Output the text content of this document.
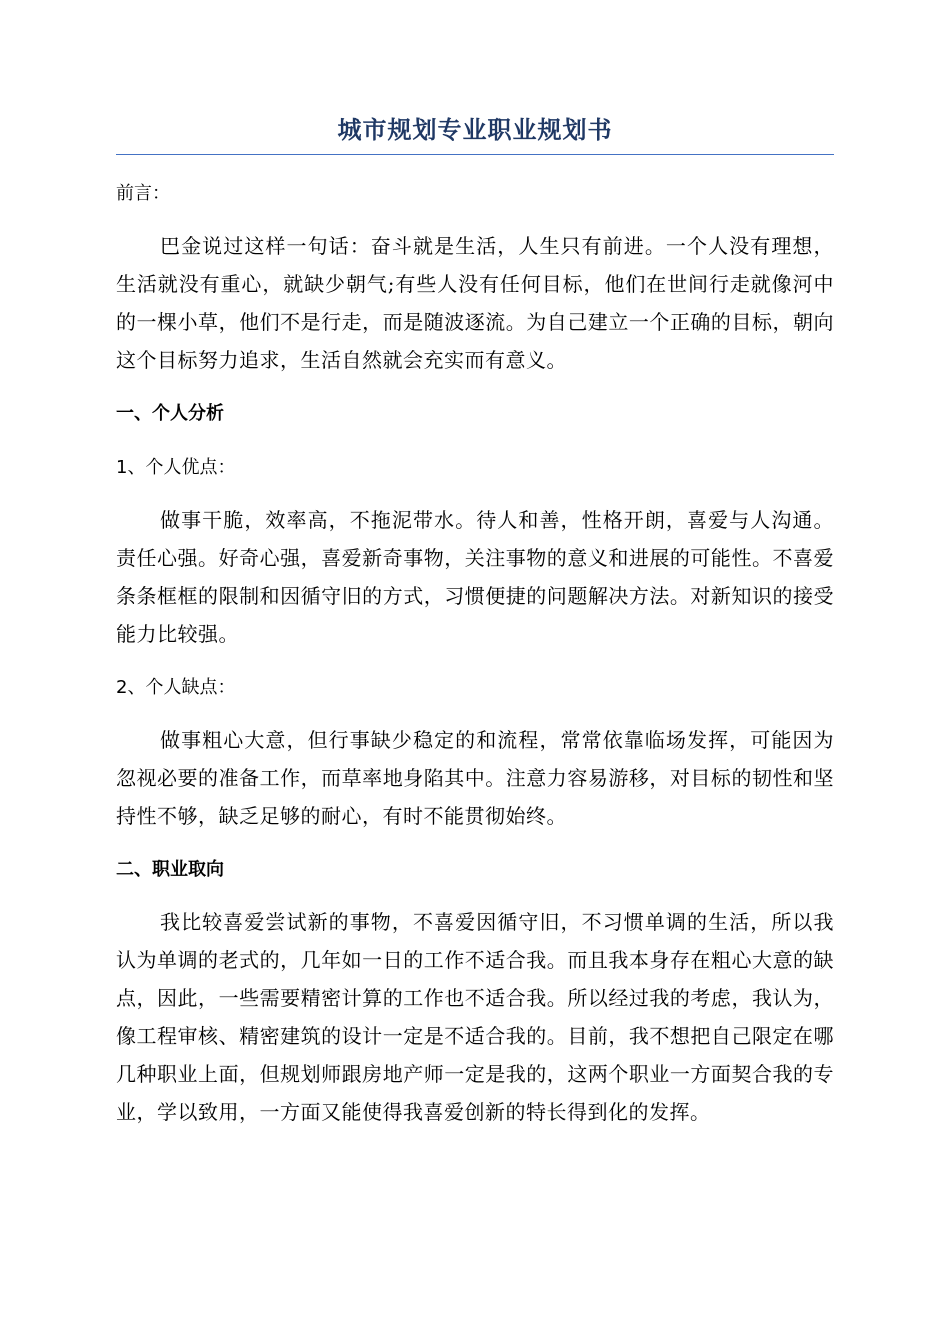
城市规划专业职业规划书
前言：

巴金说过这样一句话：奋斗就是生活，人生只有前进。一个人没有理想，生活就没有重心，就缺少朝气;有些人没有任何目标，他们在世间行走就像河中的一棵小草，他们不是行走，而是随波逐流。为自己建立一个正确的目标，朝向这个目标努力追求，生活自然就会充实而有意义。

一、个人分析
1、个人优点：

做事干脆，效率高，不拖泥带水。待人和善，性格开朗，喜爱与人沟通。责任心强。好奇心强，喜爱新奇事物，关注事物的意义和进展的可能性。不喜爱条条框框的限制和因循守旧的方式，习惯便捷的问题解决方法。对新知识的接受能力比较强。

2、个人缺点：

做事粗心大意，但行事缺少稳定的和流程，常常依靠临场发挥，可能因为忽视必要的准备工作，而草率地身陷其中。注意力容易游移，对目标的韧性和坚持性不够，缺乏足够的耐心，有时不能贯彻始终。

二、职业取向

我比较喜爱尝试新的事物，不喜爱因循守旧，不习惯单调的生活，所以我认为单调的老式的，几年如一日的工作不适合我。而且我本身存在粗心大意的缺点，因此，一些需要精密计算的工作也不适合我。所以经过我的考虑，我认为，像工程审核、精密建筑的设计一定是不适合我的。目前，我不想把自己限定在哪几种职业上面，但规划师跟房地产师一定是我的，这两个职业一方面契合我的专业，学以致用，一方面又能使得我喜爱创新的特长得到化的发挥。
